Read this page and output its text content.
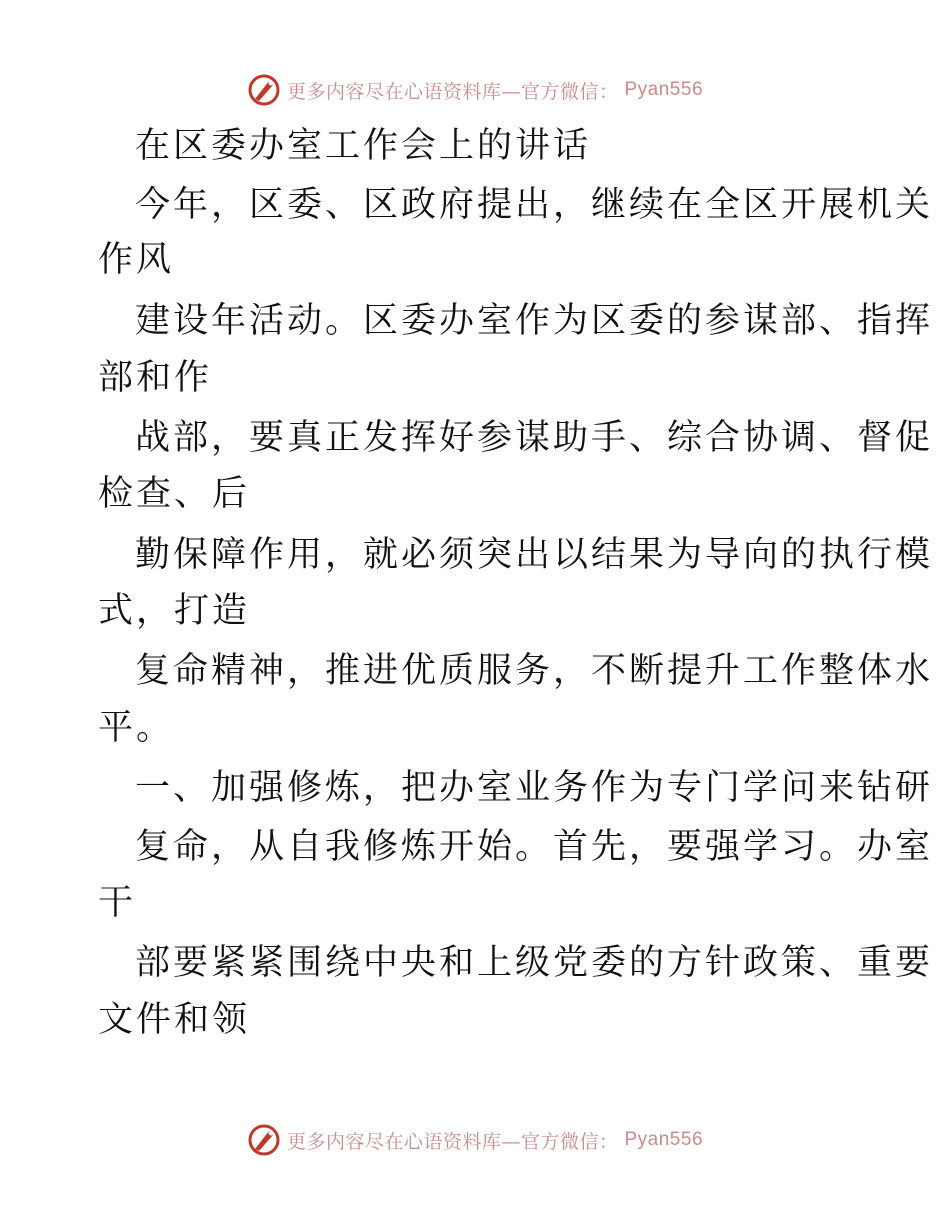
更多内容尽在心语资料库—官方微信： Pyan556
在区委办室工作会上的讲话
今年，区委、区政府提出，继续在全区开展机关
作风
建设年活动。区委办室作为区委的参谋部、指挥
部和作
战部，要真正发挥好参谋助手、综合协调、督促
检查、后
勤保障作用，就必须突出以结果为导向的执行模
式，打造
复命精神，推进优质服务，不断提升工作整体水
平。
一、加强修炼，把办室业务作为专门学问来钻研
复命，从自我修炼开始。首先，要强学习。办室
干
部要紧紧围绕中央和上级党委的方针政策、重要
文件和领
更多内容尽在心语资料库—官方微信： Pyan556
